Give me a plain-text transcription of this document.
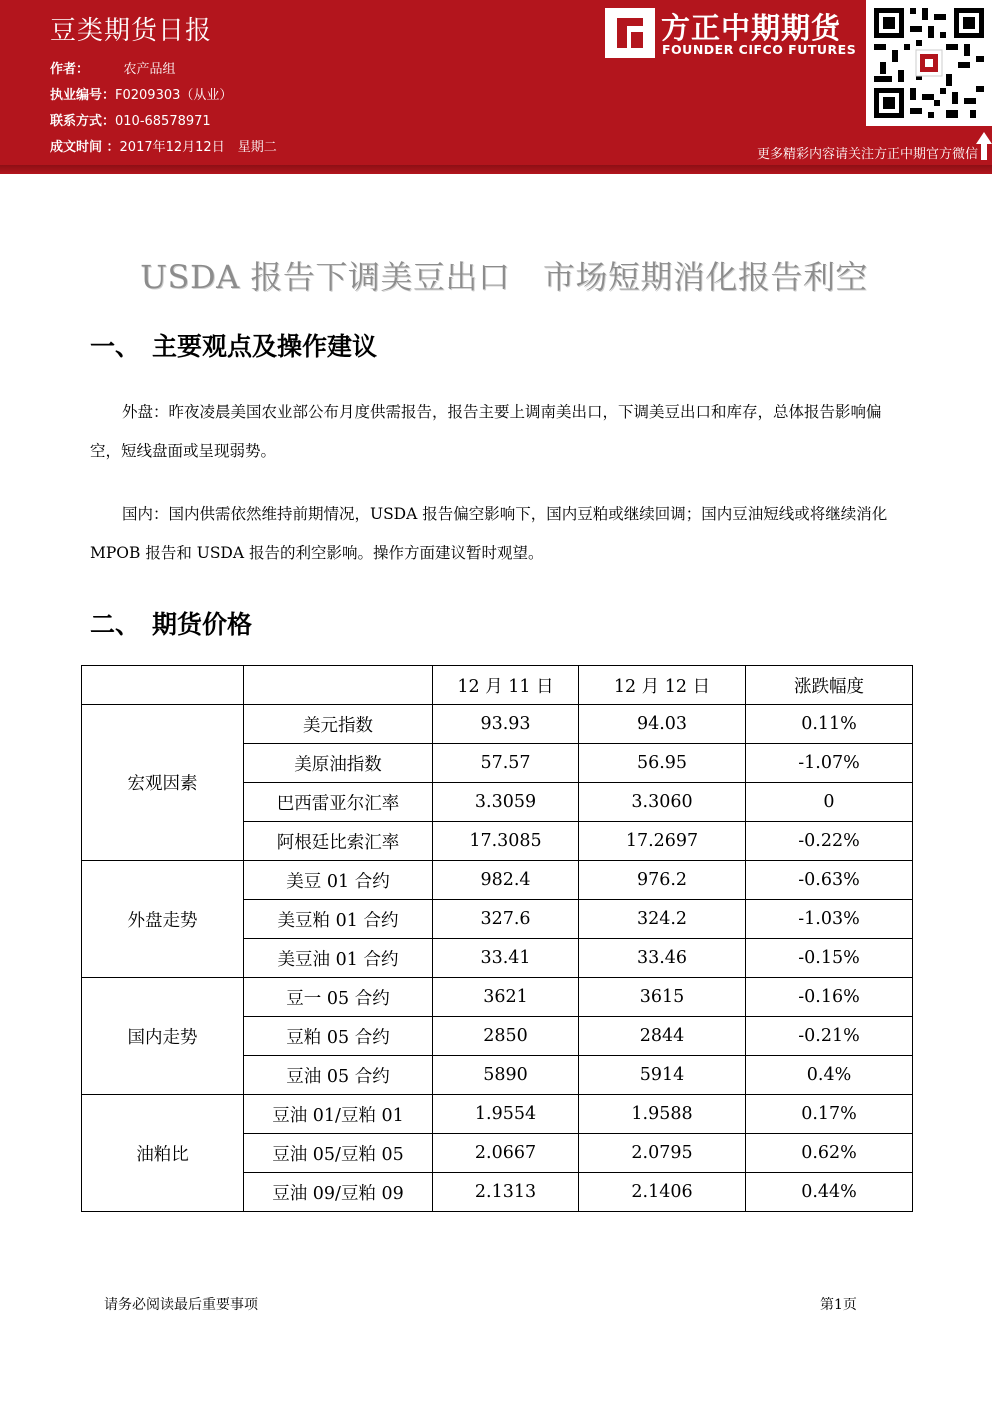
豆类期货日报
作者：	农产品组
执业编号：F0209303（从业）
联系方式：010-68578971
成文时间 ：2017年12月12日　星期二
方正中期期货
FOUNDER CIFCO FUTURES
更多精彩内容请关注方正中期官方微信
USDA 报告下调美豆出口　市场短期消化报告利空
一、 主要观点及操作建议
外盘：昨夜凌晨美国农业部公布月度供需报告，报告主要上调南美出口，下调美豆出口和库存，总体报告影响偏空，短线盘面或呈现弱势。
国内：国内供需依然维持前期情况，USDA 报告偏空影响下，国内豆粕或继续回调；国内豆油短线或将继续消化 MPOB 报告和 USDA 报告的利空影响。操作方面建议暂时观望。
二、 期货价格
		12 月 11 日	12 月 12 日	涨跌幅度
宏观因素	美元指数	93.93	94.03	0.11%
	美原油指数	57.57	56.95	-1.07%
	巴西雷亚尔汇率	3.3059	3.3060	0
	阿根廷比索汇率	17.3085	17.2697	-0.22%
外盘走势	美豆 01 合约	982.4	976.2	-0.63%
	美豆粕 01 合约	327.6	324.2	-1.03%
	美豆油 01 合约	33.41	33.46	-0.15%
国内走势	豆一 05 合约	3621	3615	-0.16%
	豆粕 05 合约	2850	2844	-0.21%
	豆油 05 合约	5890	5914	0.4%
油粕比	豆油 01/豆粕 01	1.9554	1.9588	0.17%
	豆油 05/豆粕 05	2.0667	2.0795	0.62%
	豆油 09/豆粕 09	2.1313	2.1406	0.44%
请务必阅读最后重要事项	第1页
